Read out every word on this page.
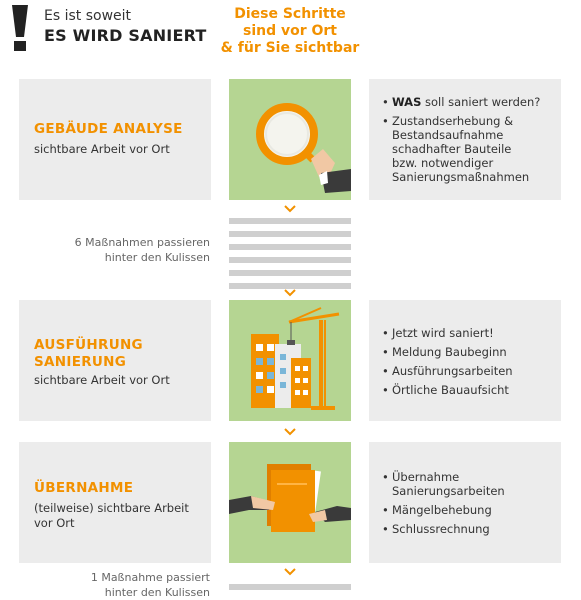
Es ist soweit
ES WIRD SANIERT
Diese Schritte
sind vor Ort
& für Sie sichtbar
GEBÄUDE ANALYSE
sichtbare Arbeit vor Ort
• WAS soll saniert werden?
• Zustandserhebung &
Bestandsaufnahme
schadhafter Bauteile
bzw. notwendiger
Sanierungsmaßnahmen
6 Maßnahmen passieren
hinter den Kulissen
AUSFÜHRUNG
SANIERUNG
sichtbare Arbeit vor Ort
• Jetzt wird saniert!
• Meldung Baubeginn
• Ausführungsarbeiten
• Örtliche Bauaufsicht
ÜBERNAHME
(teilweise) sichtbare Arbeit
vor Ort
• Übernahme
Sanierungsarbeiten
• Mängelbehebung
• Schlussrechnung
1 Maßnahme passiert
hinter den Kulissen
